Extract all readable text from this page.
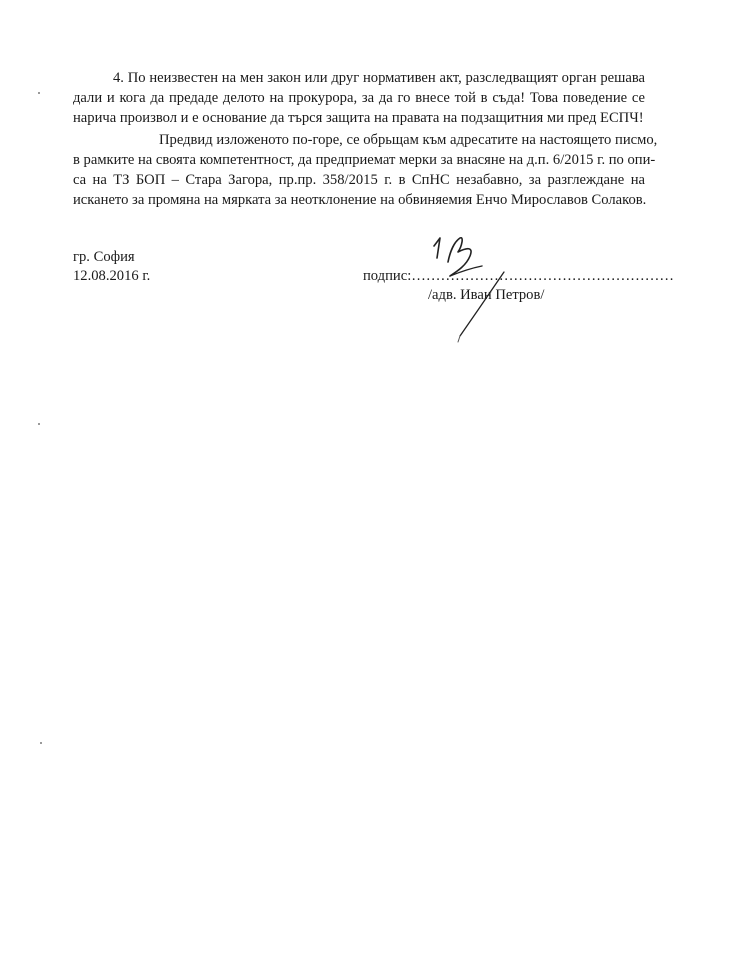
4. По неизвестен на мен закон или друг нормативен акт, разследващият орган решава
дали и кога да предаде делото на прокурора, за да го внесе той в съда! Това поведение се
нарича произвол и е основание да търся защита на правата на подзащитния ми пред ЕСПЧ!
Предвид изложеното по-горе, се обрьщам към адресатите на настоящето писмо,
в рамките на своята компетентност, да предприемат мерки за внасяне на д.п. 6/2015 г. по опи-
са на ТЗ БОП – Стара Загора, пр.пр. 358/2015 г. в СпНС незабавно, за разглеждане на
искането за промяна на мярката за неотклонение на обвиняемия Енчо Мирославов Солаков.
гр. София
12.08.2016 г.	подпис:………………………………………………
/адв. Иван Петров/
